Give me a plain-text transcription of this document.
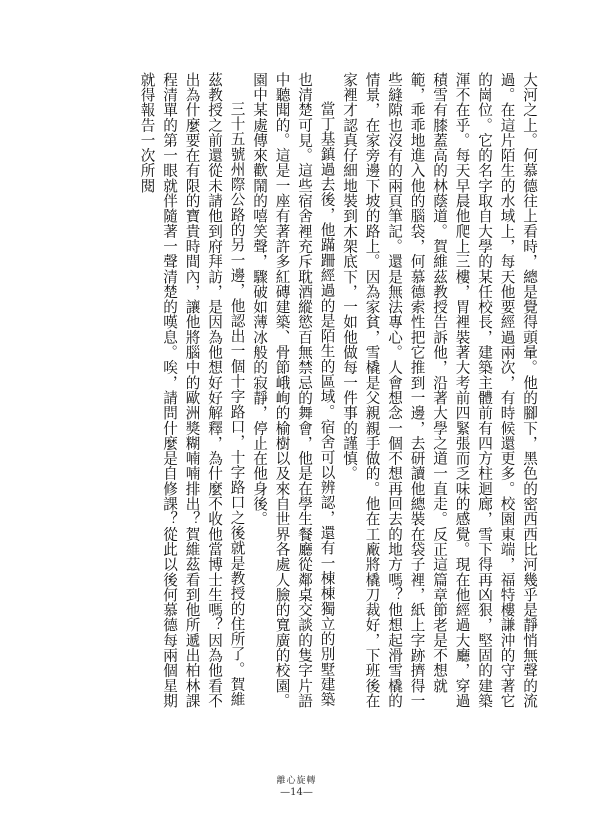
大河之上。何慕德往上看時，總是覺得頭暈。他的腳下，黑色的密西西比河幾乎是靜悄無聲的流過。在這片陌生的水域上，每天他要經過兩次，有時候還更多。校園東端，福特樓謙沖的守著它的崗位。它的名字取自大學的某任校長，建築主體前有四方柱迴廊，雪下得再凶狠，堅固的建築渾不在乎。每天早晨他爬上三樓，胃裡裝著大考前四緊張而乏味的感覺。現在他經過大廳，穿過積雪有膝蓋高的林蔭道。賀維茲教授告訴他，沿著大學之道一直走。反正這篇章節老是不想就範，乖乖地進入他的腦袋，何慕德索性把它推到一邊，去研讀他總裝在袋子裡，紙上字跡擠得一些縫隙也沒有的兩頁筆記。還是無法專心。人會想念一個不想再回去的地方嗎？他想起滑雪橇的情景，在家旁邊下坡的路上。因為家貧，雪橇是父親親手做的。他在工廠將橇刀裁好，下班後在家裡才認真仔細地裝到木架底下，一如他做每一件事的謹慎。

當丁基鎮過去後，他蹣跚經過的是陌生的區域。宿舍可以辨認，還有一棟棟獨立的別墅建築也清楚可見。這些宿舍裡充斥耽酒縱慾百無禁忌的舞會，他是在學生餐廳從鄰桌交談的隻字片語中聽聞的。這是一座有著許多紅磚建築、骨節峨峋的榆樹以及來自世界各處人臉的寬廣的校園。園中某處傳來歡鬧的嘻笑聲，驟破如薄冰般的寂靜，停止在他身後。

三十五號州際公路的另一邊，他認出一個十字路口，十字路口之後就是教授的住所了。賀維茲教授之前還從未請他到府拜訪，是因為他想好好解釋，為什麼不收他當博士生嗎？因為他看不出為什麼要在有限的寶貴時間內，讓他將腦中的歐洲獎糊喃喃排出？賀維茲看到他所遞出柏林課程清單的第一眼就伴隨著一聲清楚的嘆息。唉，請問什麼是自修課？從此以後何慕德每兩個星期就得報告一次所閱

離心旋轉
—14—
